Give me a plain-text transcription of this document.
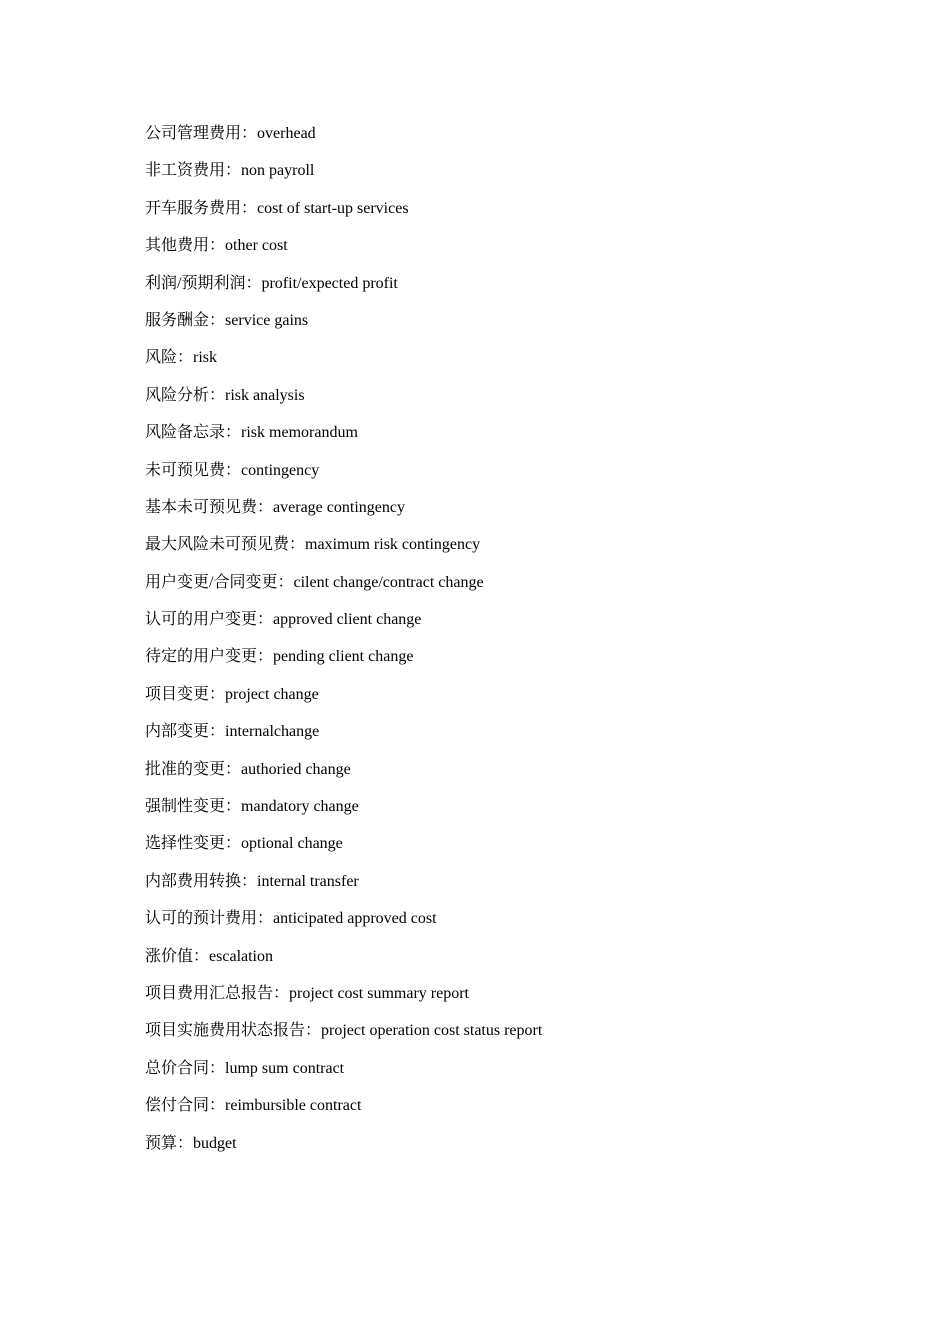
公司管理费用：overhead
非工资费用：non payroll
开车服务费用：cost of start-up services
其他费用：other cost
利润/预期利润：profit/expected profit
服务酬金：service gains
风险：risk
风险分析：risk analysis
风险备忘录：risk memorandum
未可预见费：contingency
基本未可预见费：average contingency
最大风险未可预见费：maximum risk contingency
用户变更/合同变更：cilent change/contract change
认可的用户变更：approved client change
待定的用户变更：pending client change
项目变更：project change
内部变更：internalchange
批准的变更：authoried change
强制性变更：mandatory change
选择性变更：optional change
内部费用转换：internal transfer
认可的预计费用：anticipated approved cost
涨价值：escalation
项目费用汇总报告：project cost summary report
项目实施费用状态报告：project operation cost status report
总价合同：lump sum contract
偿付合同：reimbursible contract
预算：budget
